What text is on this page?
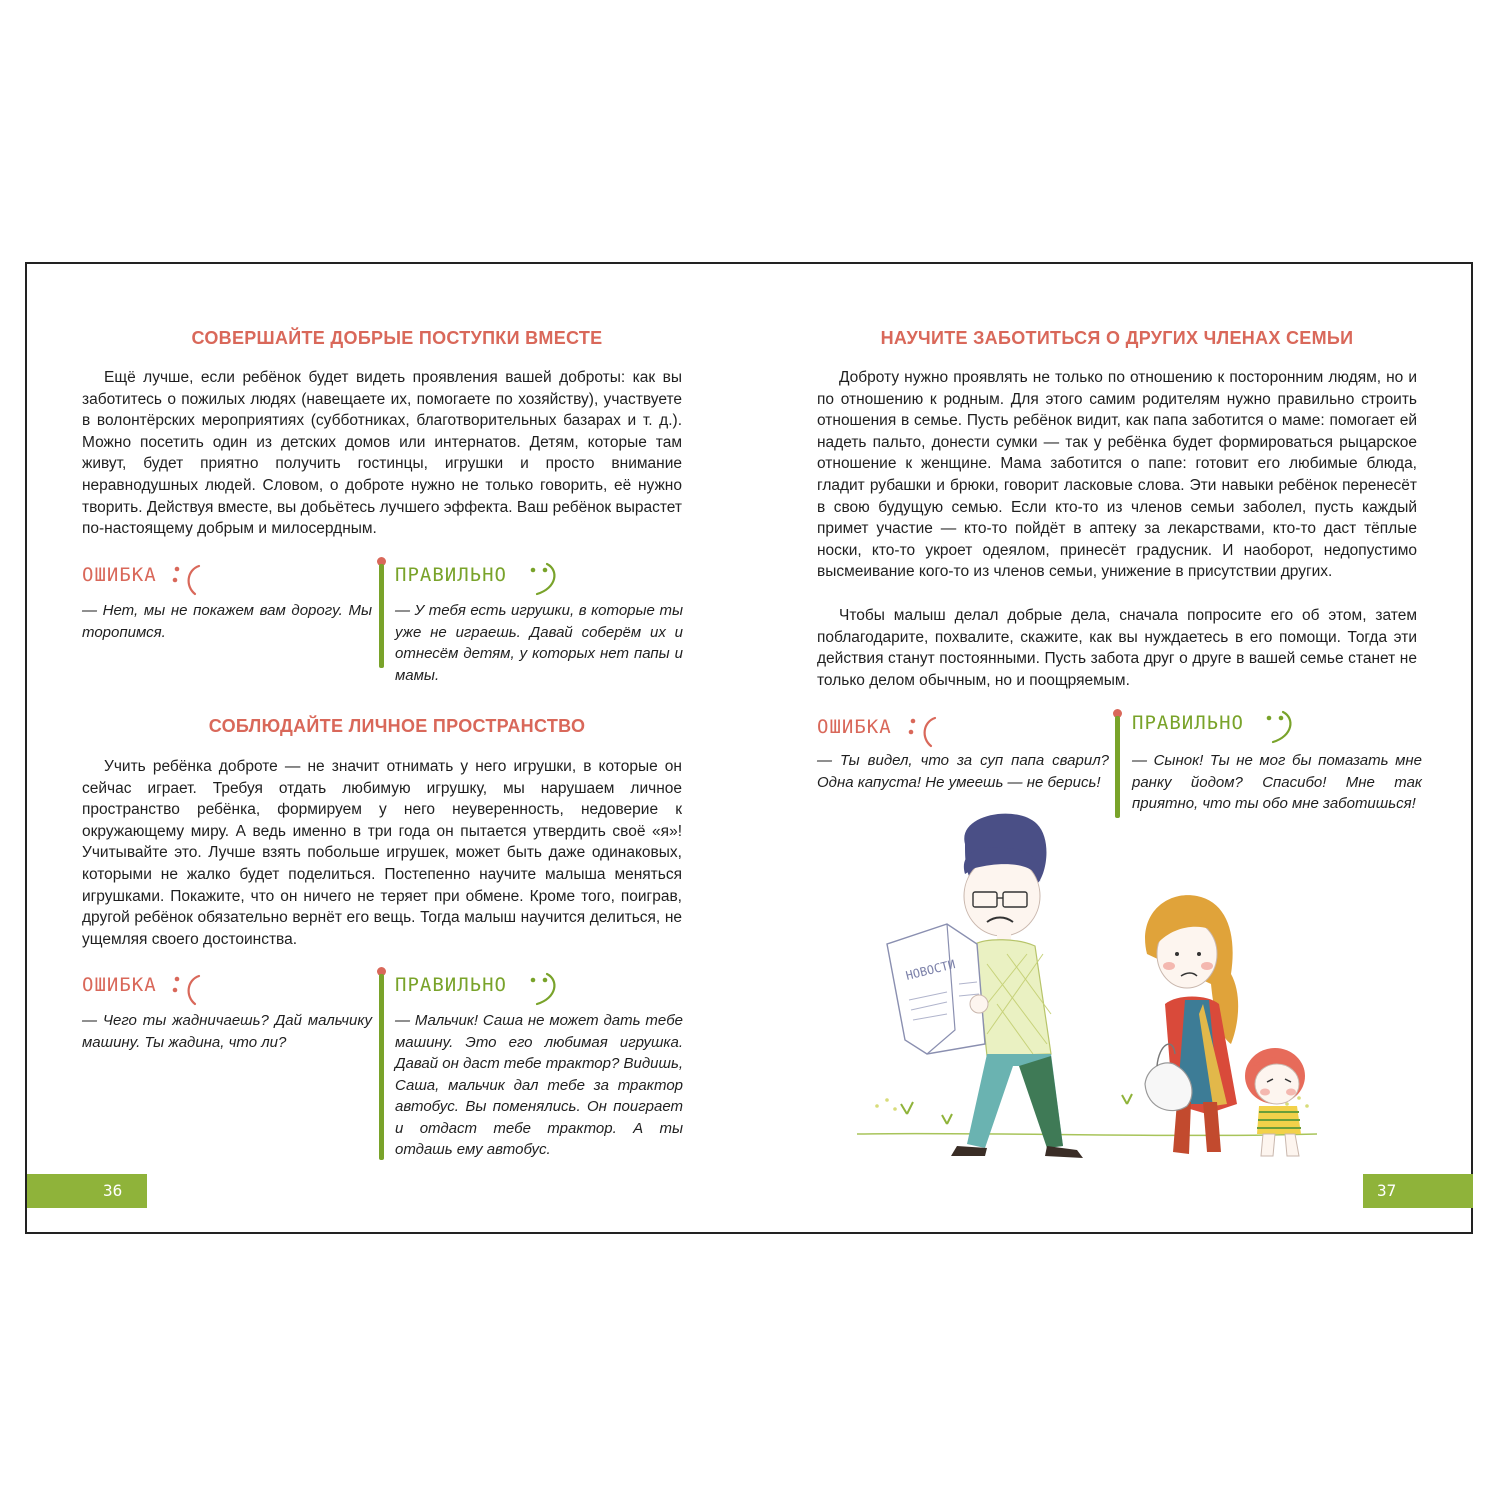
СОВЕРШАЙТЕ ДОБРЫЕ ПОСТУПКИ ВМЕСТЕ

Ещё лучше, если ребёнок будет видеть проявления вашей доброты: как вы заботитесь о пожилых людях (навещаете их, помогаете по хозяйству), участвуете в волонтёрских мероприятиях (субботниках, благотворительных базарах и т. д.). Можно посетить один из детских домов или интернатов. Детям, которые там живут, будет приятно получить гостинцы, игрушки и просто внимание неравнодушных людей. Словом, о доброте нужно не только говорить, её нужно творить. Действуя вместе, вы добьётесь лучшего эффекта. Ваш ребёнок вырастет по-настоящему добрым и милосердным.

ОШИБКА

— Нет, мы не покажем вам дорогу. Мы торопимся.

ПРАВИЛЬНО

— У тебя есть игрушки, в которые ты уже не играешь. Давай соберём их и отнесём детям, у которых нет папы и мамы.

СОБЛЮДАЙТЕ ЛИЧНОЕ ПРОСТРАНСТВО

Учить ребёнка доброте — не значит отнимать у него игрушки, в которые он сейчас играет. Требуя отдать любимую игрушку, мы нарушаем личное пространство ребёнка, формируем у него неуверенность, недоверие к окружающему миру. А ведь именно в три года он пытается утвердить своё «я»! Учитывайте это. Лучше взять побольше игрушек, может быть даже одинаковых, которыми не жалко будет поделиться. Постепенно научите малыша меняться игрушками. Покажите, что он ничего не теряет при обмене. Кроме того, поиграв, другой ребёнок обязательно вернёт его вещь. Тогда малыш научится делиться, не ущемляя своего достоинства.

ОШИБКА

— Чего ты жадничаешь? Дай мальчику машину. Ты жадина, что ли?

ПРАВИЛЬНО

— Мальчик! Саша не может дать тебе машину. Это его любимая игрушка. Давай он даст тебе трактор? Видишь, Саша, мальчик дал тебе за трактор автобус. Вы поменялись. Он поиграет и отдаст тебе трактор. А ты отдашь ему автобус.

36
НАУЧИТЕ ЗАБОТИТЬСЯ О ДРУГИХ ЧЛЕНАХ СЕМЬИ

Доброту нужно проявлять не только по отношению к посторонним людям, но и по отношению к родным. Для этого самим родителям нужно правильно строить отношения в семье. Пусть ребёнок видит, как папа заботится о маме: помогает ей надеть пальто, донести сумки — так у ребёнка будет формироваться рыцарское отношение к женщине. Мама заботится о папе: готовит его любимые блюда, гладит рубашки и брюки, говорит ласковые слова. Эти навыки ребёнок перенесёт в свою будущую семью. Если кто-то из членов семьи заболел, пусть каждый примет участие — кто-то пойдёт в аптеку за лекарствами, кто-то даст тёплые носки, кто-то укроет одеялом, принесёт градусник. И наоборот, недопустимо высмеивание кого-то из членов семьи, унижение в присутствии других.

Чтобы малыш делал добрые дела, сначала попросите его об этом, затем поблагодарите, похвалите, скажите, как вы нуждаетесь в его помощи. Тогда эти действия станут постоянными. Пусть забота друг о друге в вашей семье станет не только делом обычным, но и поощряемым.

ОШИБКА

— Ты видел, что за суп папа сварил? Одна капуста! Не умеешь — не берись!

ПРАВИЛЬНО

— Сынок! Ты не мог бы помазать мне ранку йодом? Спасибо! Мне так приятно, что ты обо мне заботишься!

НОВОСТИ
37
